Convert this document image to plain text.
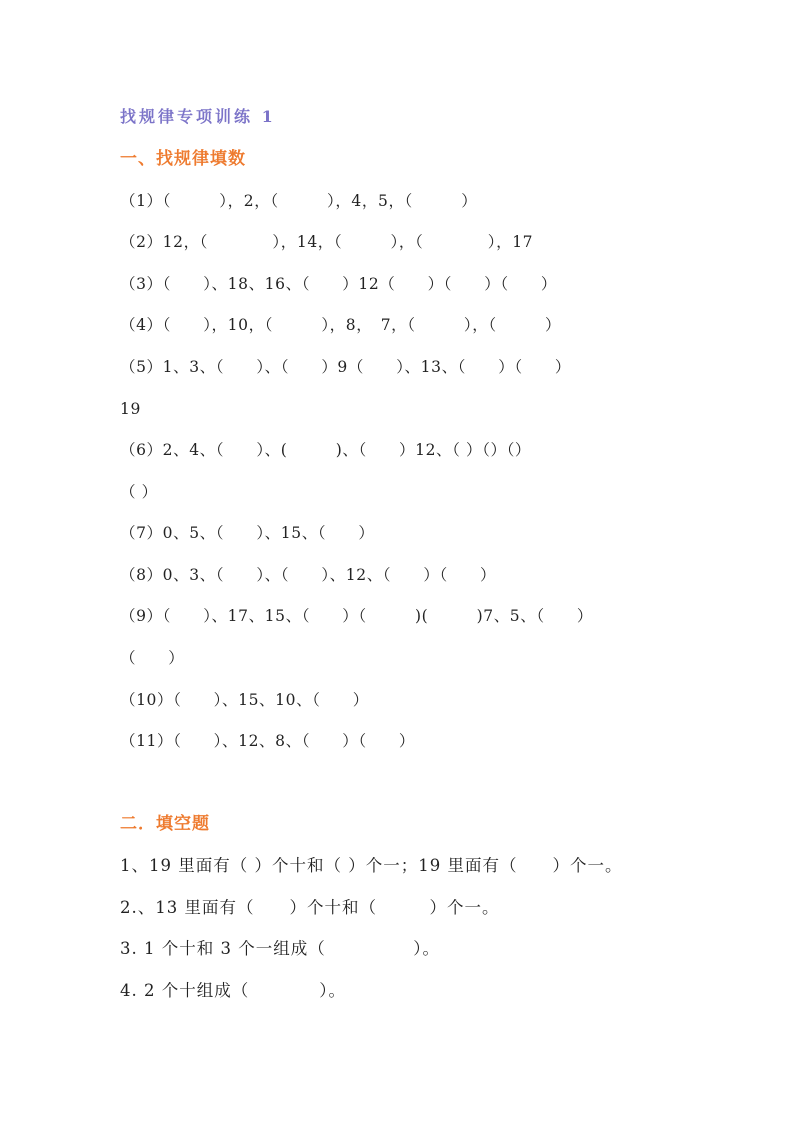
找规律专项训练 1
一、找规律填数
（1）（　　　），2，（　　　），4，5，（　　　）
（2）12，（　　　　），14，（　　　），（　　　　），17
（3）（　　）、18、16、（　　）12（　　）（　　）（　　）
（4）（　　），10，（　　　），8，　7，（　　　），（　　　）
（5）1、3、（　　）、（　　）9（　　）、13、（　　）（　　）
19
（6）2、4、（　　）、(　　　)、（　　）12、（ ）（）（）
（ ）
（7）0、5、（　　）、15、（　　）
（8）0、3、（　　）、（　　）、12、（　　）（　　）
（9）（　　）、17、15、（　　）（　　　)(　　　)7、5、（　　）
（　　）
（10）（　　）、15、10、（　　）
（11）（　　）、12、8、（　　）（　　）
二．填空题
1、19 里面有（ ）个十和（ ）个一；19 里面有（　　）个一。
2.、13 里面有（　　）个十和（　　　）个一。
3. 1 个十和 3 个一组成（　　　　　）。
4. 2 个十组成（　　　　）。
